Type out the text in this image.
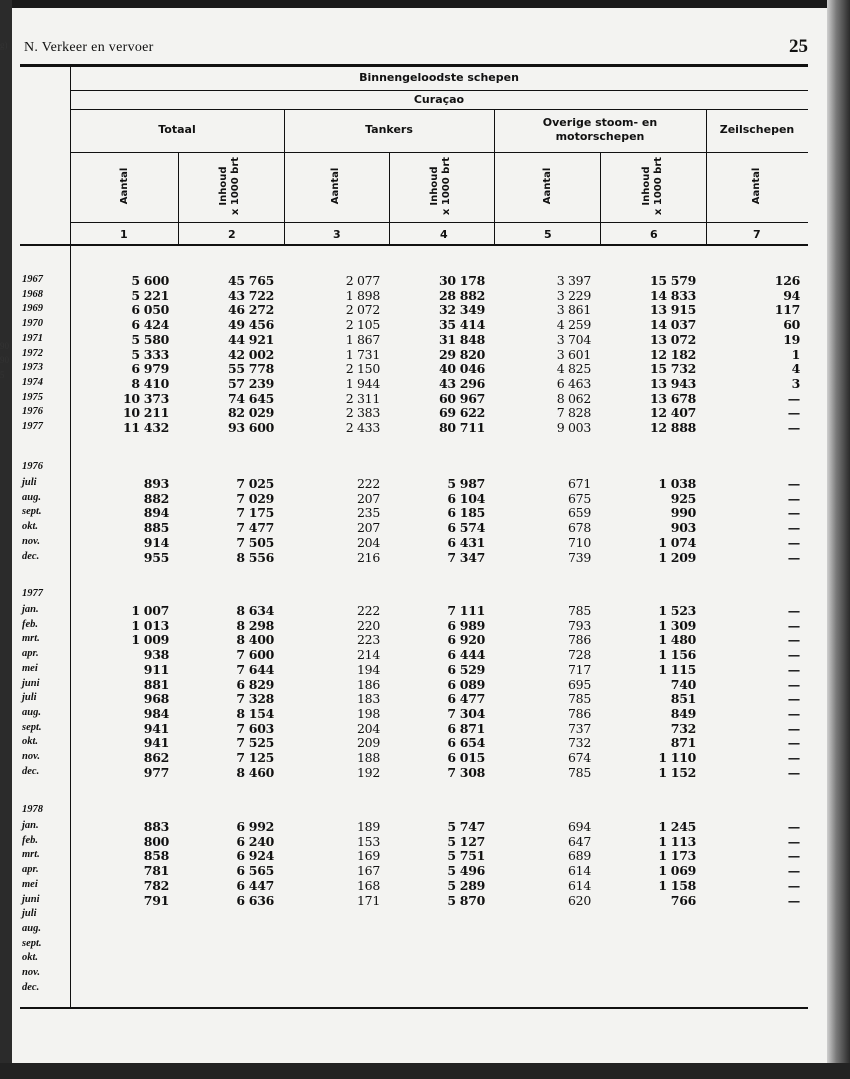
g)
90
90
5
N. Verkeer en vervoer	25
Binnengeloodste schepen
Curaçao
Totaal	Tankers
Overige stoom- en motorschepen
Zeilschepen
Aantal	Inhoud
x 1000 brt	Aantal	Inhoud
x 1000 brt	Aantal	Inhoud
x 1000 brt	Aantal
1	2	3	4	5	6	7
1967	5 600	45 765	2 077	30 178	3 397	15 579	126
1968	5 221	43 722	1 898	28 882	3 229	14 833	94
1969	6 050	46 272	2 072	32 349	3 861	13 915	117
1970	6 424	49 456	2 105	35 414	4 259	14 037	60
1971	5 580	44 921	1 867	31 848	3 704	13 072	19
1972	5 333	42 002	1 731	29 820	3 601	12 182	1
1973	6 979	55 778	2 150	40 046	4 825	15 732	4
1974	8 410	57 239	1 944	43 296	6 463	13 943	3
1975	10 373	74 645	2 311	60 967	8 062	13 678	—
1976	10 211	82 029	2 383	69 622	7 828	12 407	—
1977	11 432	93 600	2 433	80 711	9 003	12 888	—
1976
juli	893	7 025	222	5 987	671	1 038	—
aug.	882	7 029	207	6 104	675	925	—
sept.	894	7 175	235	6 185	659	990	—
okt.	885	7 477	207	6 574	678	903	—
nov.	914	7 505	204	6 431	710	1 074	—
dec.	955	8 556	216	7 347	739	1 209	—
1977
jan.	1 007	8 634	222	7 111	785	1 523	—
feb.	1 013	8 298	220	6 989	793	1 309	—
mrt.	1 009	8 400	223	6 920	786	1 480	—
apr.	938	7 600	214	6 444	728	1 156	—
mei	911	7 644	194	6 529	717	1 115	—
juni	881	6 829	186	6 089	695	740	—
juli	968	7 328	183	6 477	785	851	—
aug.	984	8 154	198	7 304	786	849	—
sept.	941	7 603	204	6 871	737	732	—
okt.	941	7 525	209	6 654	732	871	—
nov.	862	7 125	188	6 015	674	1 110	—
dec.	977	8 460	192	7 308	785	1 152	—
1978
jan.	883	6 992	189	5 747	694	1 245	—
feb.	800	6 240	153	5 127	647	1 113	—
mrt.	858	6 924	169	5 751	689	1 173	—
apr.	781	6 565	167	5 496	614	1 069	—
mei	782	6 447	168	5 289	614	1 158	—
juni	791	6 636	171	5 870	620	766	—
juli
aug.
sept.
okt.
nov.
dec.
